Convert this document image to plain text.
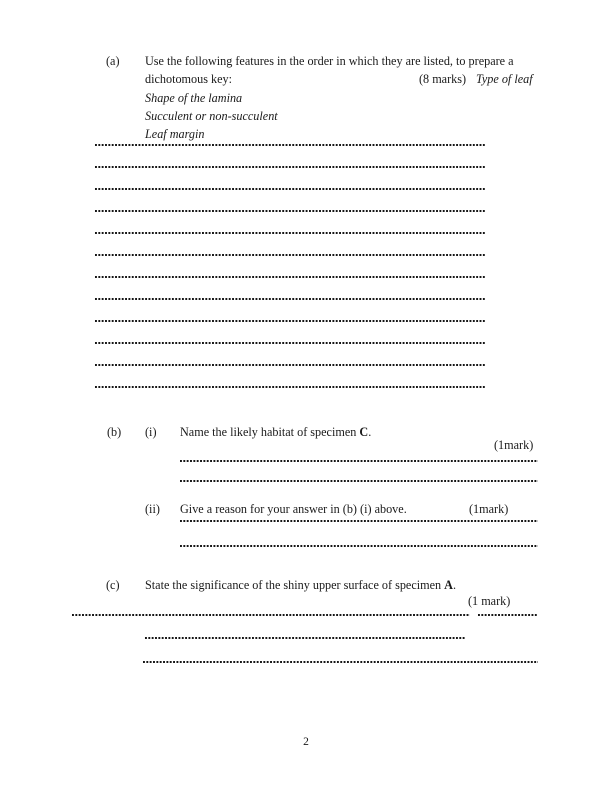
(a) Use the following features in the order in which they are listed, to prepare a
dichotomous key:	(8 marks) Type of leaf
Shape of the lamina
Succulent or non-succulent
Leaf margin
(b) (i) Name the likely habitat of specimen C.
(1mark)
(ii) Give a reason for your answer in (b) (i) above.	(1mark)
(c) State the significance of the shiny upper surface of specimen A.
(1 mark)
2
